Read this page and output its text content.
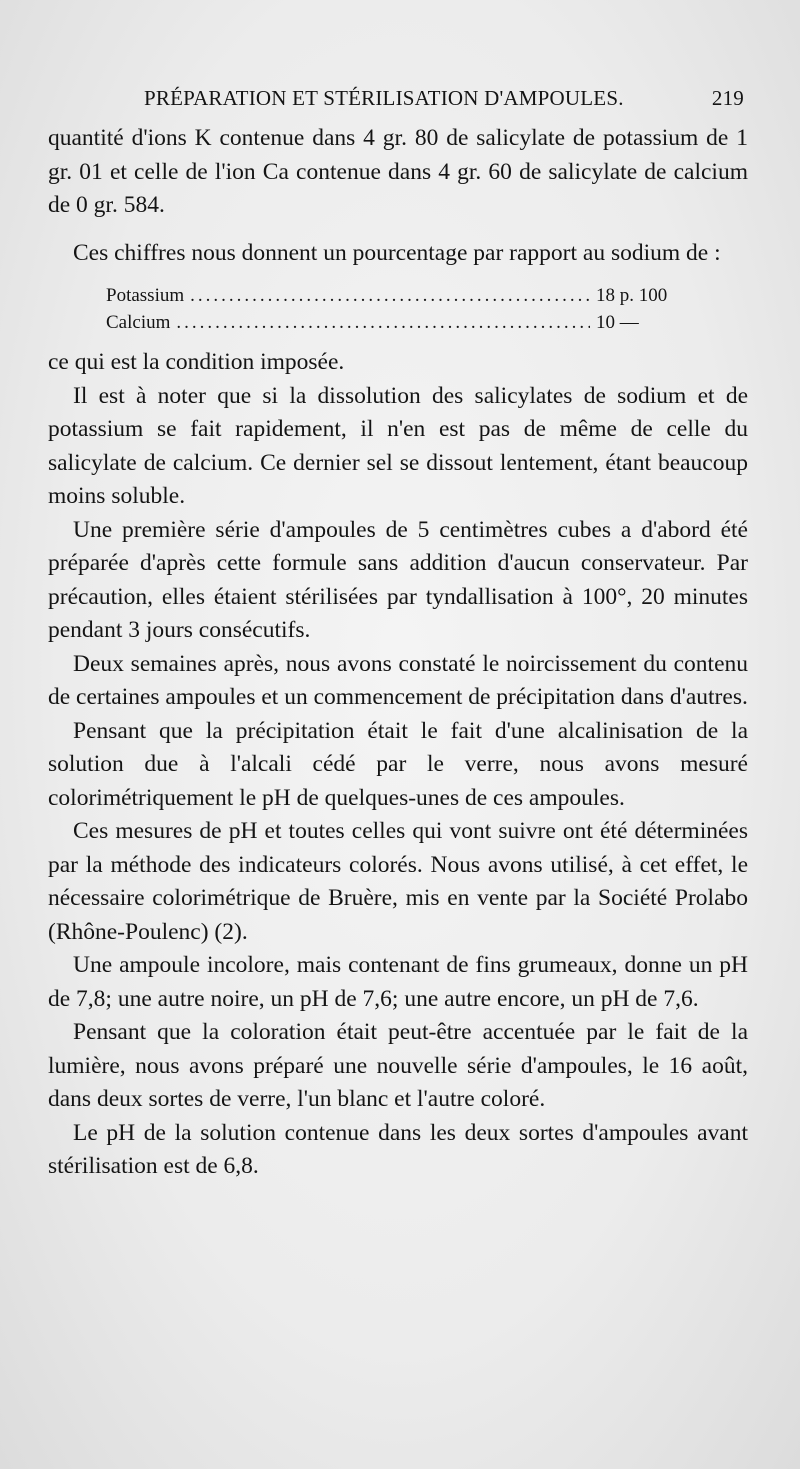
PRÉPARATION ET STÉRILISATION D'AMPOULES.	219

quantité d'ions K contenue dans 4 gr. 80 de salicylate de potassium de 1 gr. 01 et celle de l'ion Ca contenue dans 4 gr. 60 de salicylate de calcium de 0 gr. 584.

Ces chiffres nous donnent un pourcentage par rapport au sodium de :

Potassium .....	18 p. 100
Calcium .....	10 —

ce qui est la condition imposée.

Il est à noter que si la dissolution des salicylates de sodium et de potassium se fait rapidement, il n'en est pas de même de celle du salicylate de calcium. Ce dernier sel se dissout lentement, étant beaucoup moins soluble.

Une première série d'ampoules de 5 centimètres cubes a d'abord été préparée d'après cette formule sans addition d'aucun conservateur. Par précaution, elles étaient stérilisées par tyndallisation à 100°, 20 minutes pendant 3 jours consécutifs.

Deux semaines après, nous avons constaté le noircissement du contenu de certaines ampoules et un commencement de précipitation dans d'autres.

Pensant que la précipitation était le fait d'une alcalinisation de la solution due à l'alcali cédé par le verre, nous avons mesuré colorimétriquement le pH de quelques-unes de ces ampoules.

Ces mesures de pH et toutes celles qui vont suivre ont été déterminées par la méthode des indicateurs colorés. Nous avons utilisé, à cet effet, le nécessaire colorimétrique de Bruère, mis en vente par la Société Prolabo (Rhône-Poulenc) (2).

Une ampoule incolore, mais contenant de fins grumeaux, donne un pH de 7,8; une autre noire, un pH de 7,6; une autre encore, un pH de 7,6.

Pensant que la coloration était peut-être accentuée par le fait de la lumière, nous avons préparé une nouvelle série d'ampoules, le 16 août, dans deux sortes de verre, l'un blanc et l'autre coloré.

Le pH de la solution contenue dans les deux sortes d'ampoules avant stérilisation est de 6,8.
